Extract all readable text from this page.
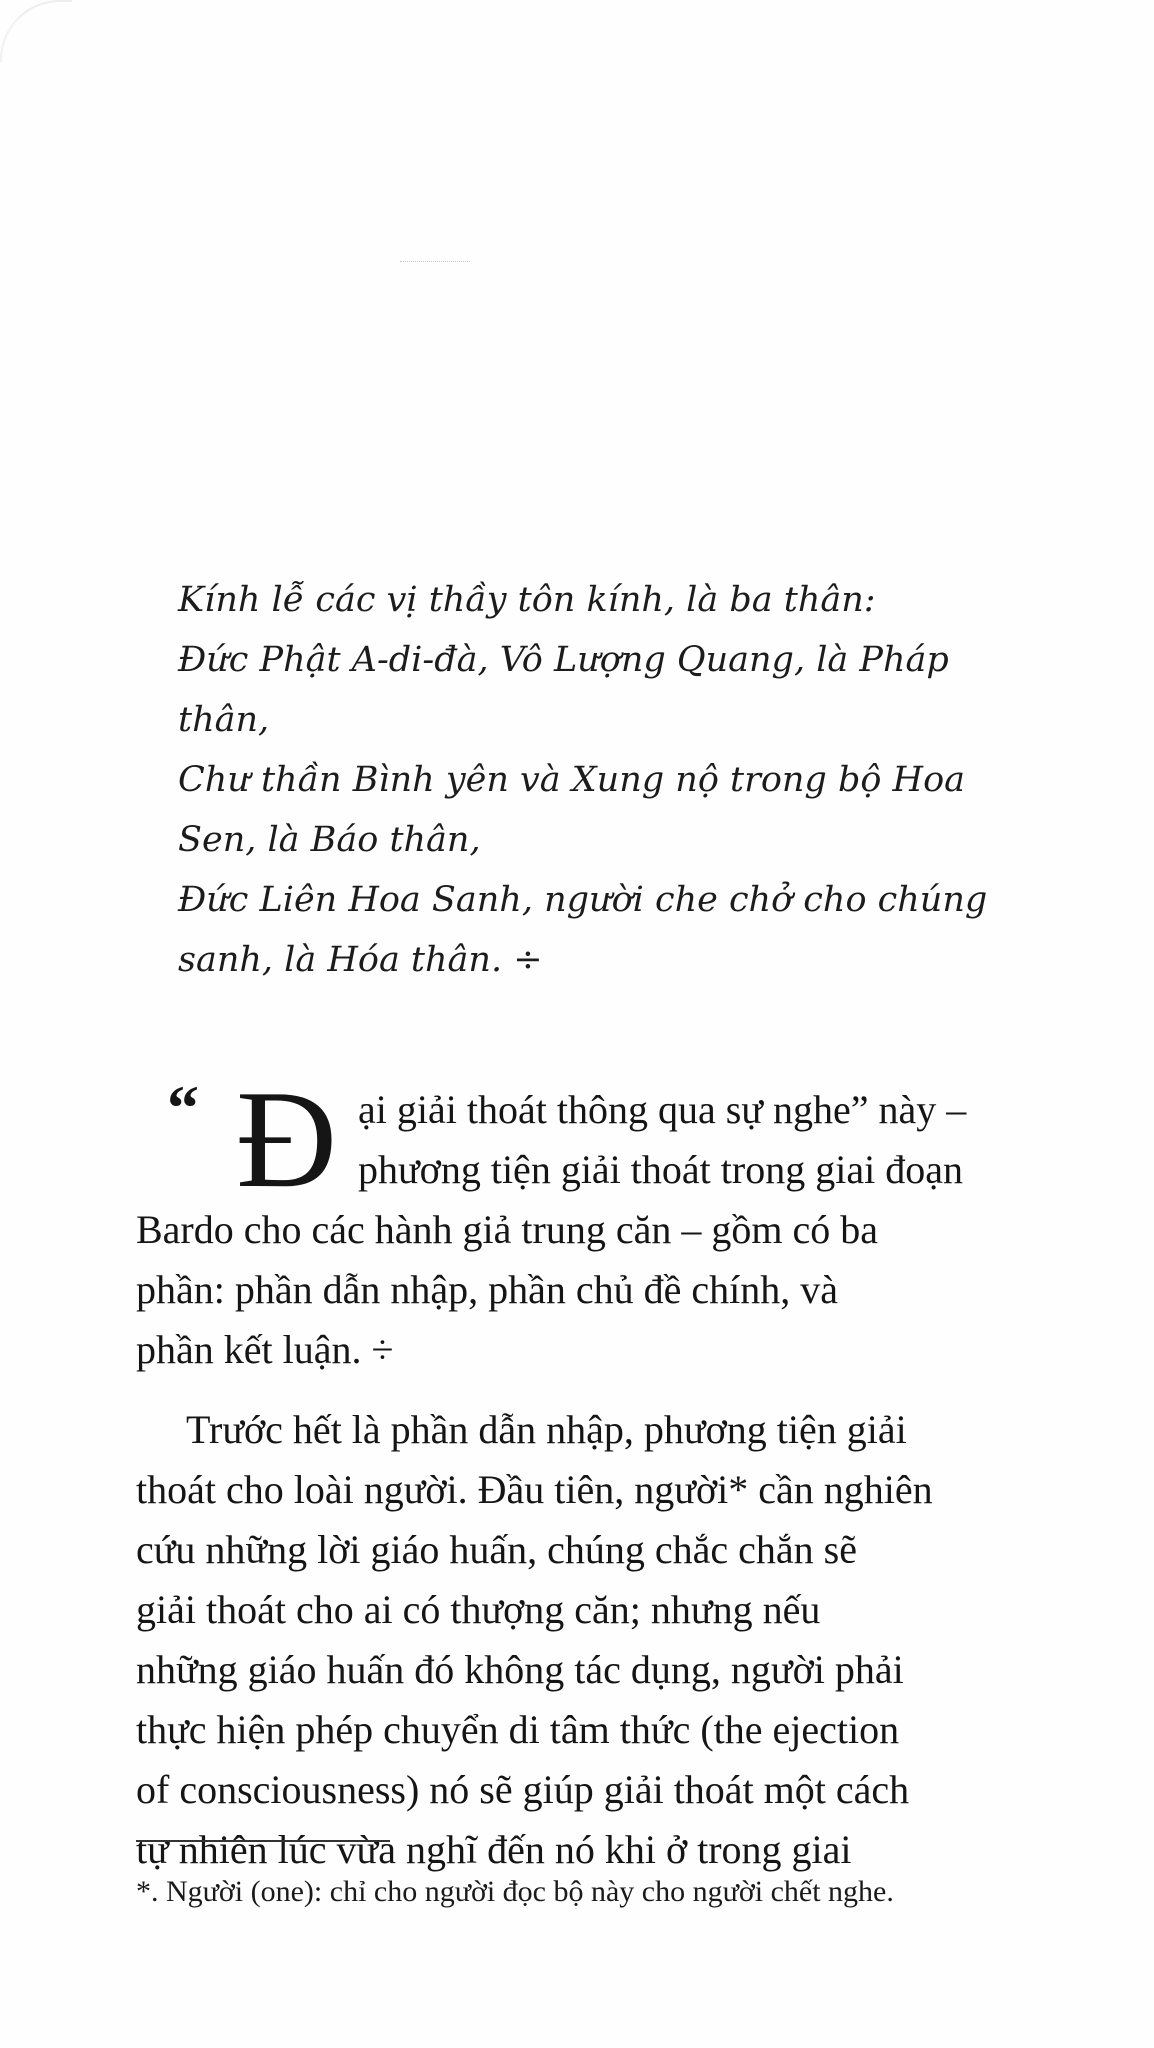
Kính lễ các vị thầy tôn kính, là ba thân:
Đức Phật A-di-đà, Vô Lượng Quang, là Pháp
thân,
Chư thần Bình yên và Xung nộ trong bộ Hoa
Sen, là Báo thân,
Đức Liên Hoa Sanh, người che chở cho chúng
sanh, là Hóa thân. ÷
“ Đ ại giải thoát thông qua sự nghe” này –
phương tiện giải thoát trong giai đoạn
Bardo cho các hành giả trung căn – gồm có ba
phần: phần dẫn nhập, phần chủ đề chính, và
phần kết luận. ÷
Trước hết là phần dẫn nhập, phương tiện giải
thoát cho loài người. Đầu tiên, người* cần nghiên
cứu những lời giáo huấn, chúng chắc chắn sẽ
giải thoát cho ai có thượng căn; nhưng nếu
những giáo huấn đó không tác dụng, người phải
thực hiện phép chuyển di tâm thức (the ejection
of consciousness) nó sẽ giúp giải thoát một cách
tự nhiên lúc vừa nghĩ đến nó khi ở trong giai
*. Người (one): chỉ cho người đọc bộ này cho người chết nghe.
